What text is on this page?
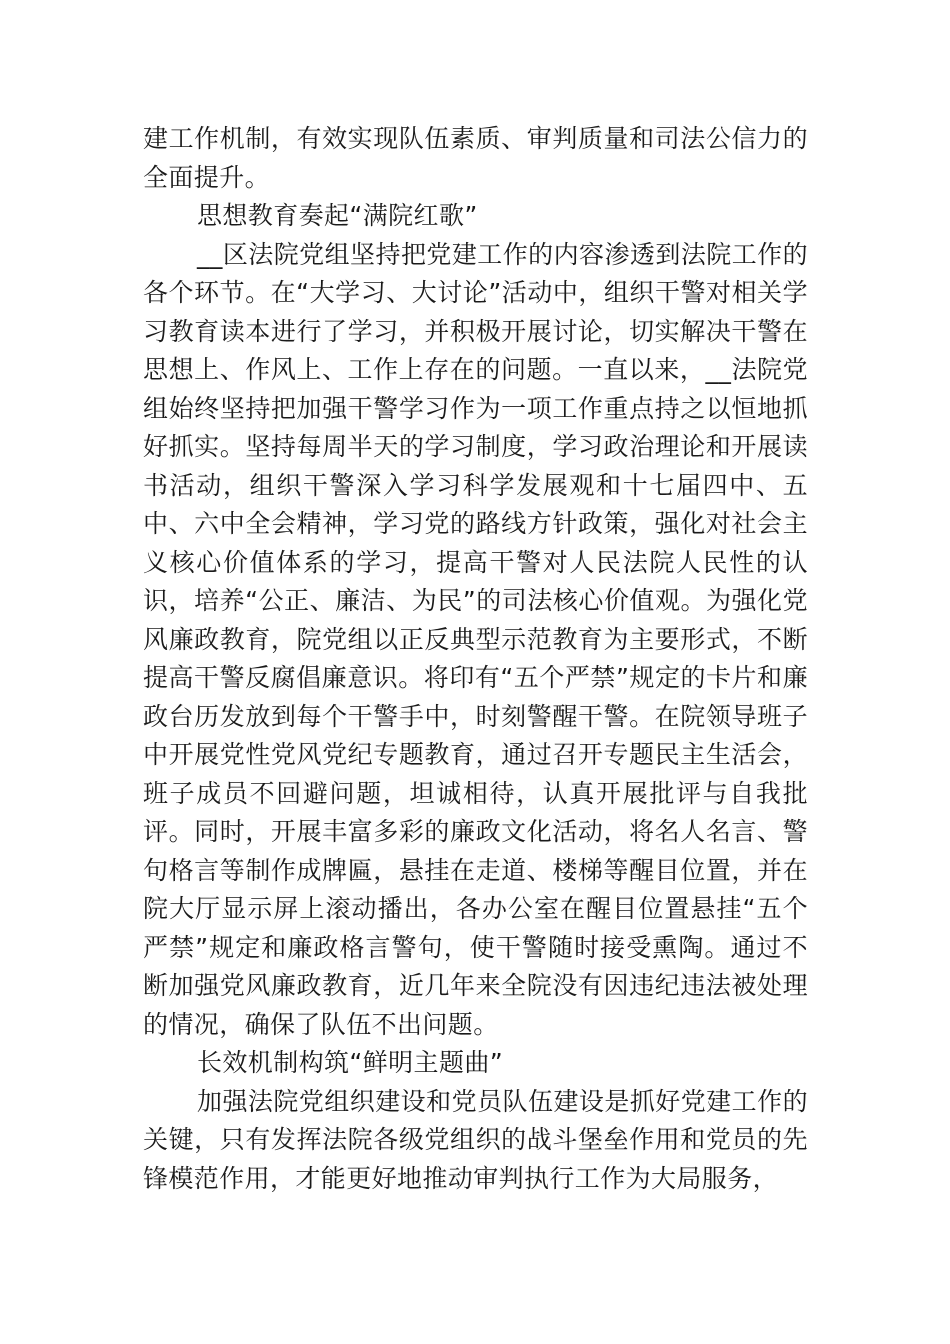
建工作机制，有效实现队伍素质、审判质量和司法公信力的全面提升。

思想教育奏起“满院红歌”

__区法院党组坚持把党建工作的内容渗透到法院工作的各个环节。在“大学习、大讨论”活动中，组织干警对相关学习教育读本进行了学习，并积极开展讨论，切实解决干警在思想上、作风上、工作上存在的问题。一直以来，__法院党组始终坚持把加强干警学习作为一项工作重点持之以恒地抓好抓实。坚持每周半天的学习制度，学习政治理论和开展读书活动，组织干警深入学习科学发展观和十七届四中、五中、六中全会精神，学习党的路线方针政策，强化对社会主义核心价值体系的学习，提高干警对人民法院人民性的认识，培养“公正、廉洁、为民”的司法核心价值观。为强化党风廉政教育，院党组以正反典型示范教育为主要形式，不断提高干警反腐倡廉意识。将印有“五个严禁”规定的卡片和廉政台历发放到每个干警手中，时刻警醒干警。在院领导班子中开展党性党风党纪专题教育，通过召开专题民主生活会，班子成员不回避问题，坦诚相待，认真开展批评与自我批评。同时，开展丰富多彩的廉政文化活动，将名人名言、警句格言等制作成牌匾，悬挂在走道、楼梯等醒目位置，并在院大厅显示屏上滚动播出，各办公室在醒目位置悬挂“五个严禁”规定和廉政格言警句，使干警随时接受熏陶。通过不断加强党风廉政教育，近几年来全院没有因违纪违法被处理的情况，确保了队伍不出问题。

长效机制构筑“鲜明主题曲”

加强法院党组织建设和党员队伍建设是抓好党建工作的关键，只有发挥法院各级党组织的战斗堡垒作用和党员的先锋模范作用，才能更好地推动审判执行工作为大局服务，
